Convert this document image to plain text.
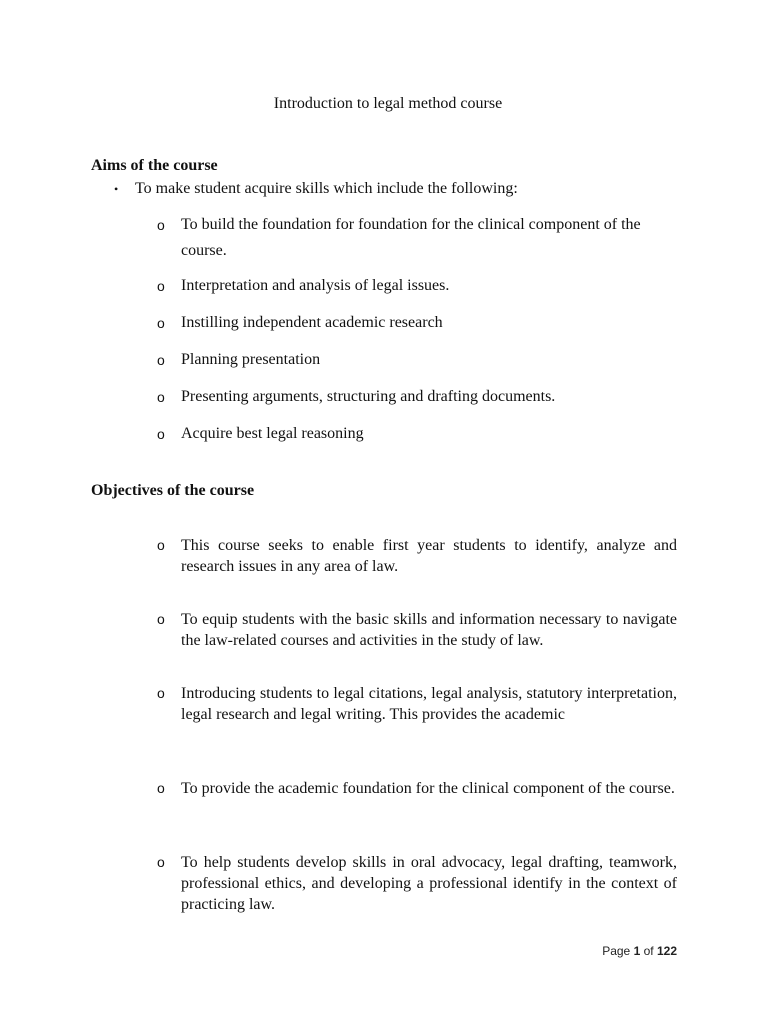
Introduction to legal method course
Aims of the course
• To make student acquire skills which include the following:
o To build the foundation for foundation for the clinical component of the course.
o Interpretation and analysis of legal issues.
o Instilling independent academic research
o Planning presentation
o Presenting arguments, structuring and drafting documents.
o Acquire best legal reasoning
Objectives of the course
o This course seeks to enable first year students to identify, analyze and research issues in any area of law.
o To equip students with the basic skills and information necessary to navigate the law-related courses and activities in the study of law.
o Introducing students to legal citations, legal analysis, statutory interpretation, legal research and legal writing. This provides the academic
o To provide the academic foundation for the clinical component of the course.
o To help students develop skills in oral advocacy, legal drafting, teamwork, professional ethics, and developing a professional identify in the context of practicing law.
Page 1 of 122
